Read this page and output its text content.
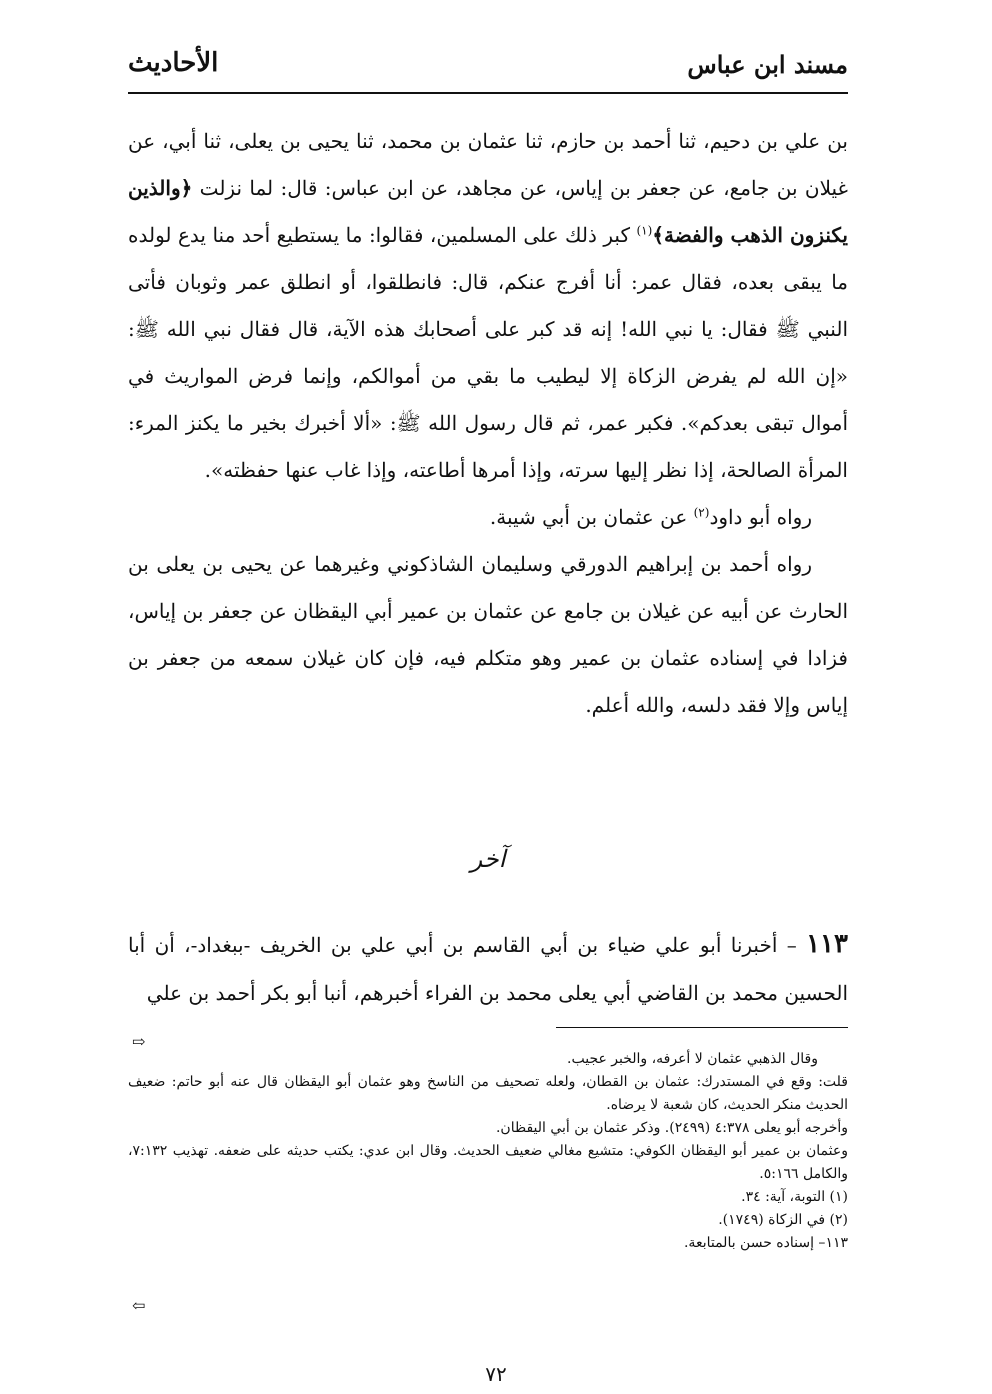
مسند ابن عباس
الأحاديث

بن علي بن دحيم، ثنا أحمد بن حازم، ثنا عثمان بن محمد، ثنا يحيى بن يعلى، ثنا أبي، عن غيلان بن جامع، عن جعفر بن إياس، عن مجاهد، عن ابن عباس: قال: لما نزلت ﴿والذين يكنزون الذهب والفضة﴾$^{(١)}$ كبر ذلك على المسلمين، فقالوا: ما يستطيع أحد منا يدع لولده ما يبقى بعده، فقال عمر: أنا أفرج عنكم، قال: فانطلقوا، أو انطلق عمر وثوبان فأتى النبي ﷺ فقال: يا نبي الله! إنه قد كبر على أصحابك هذه الآية، قال فقال نبي الله ﷺ: «إن الله لم يفرض الزكاة إلا ليطيب ما بقي من أموالكم، وإنما فرض المواريث في أموال تبقى بعدكم». فكبر عمر، ثم قال رسول الله ﷺ: «ألا أخبرك بخير ما يكنز المرء: المرأة الصالحة، إذا نظر إليها سرته، وإذا أمرها أطاعته، وإذا غاب عنها حفظته».

رواه أبو داود$^{(٢)}$ عن عثمان بن أبي شيبة.

رواه أحمد بن إبراهيم الدورقي وسليمان الشاذكوني وغيرهما عن يحيى بن يعلى بن الحارث عن أبيه عن غيلان بن جامع عن عثمان بن عمير أبي اليقظان عن جعفر بن إياس، فزادا في إسناده عثمان بن عمير وهو متكلم فيه، فإن كان غيلان سمعه من جعفر بن إياس وإلا فقد دلسه، والله أعلم.

آخر

١١٣ – أخبرنا أبو علي ضياء بن أبي القاسم بن أبي علي بن الخريف -ببغداد-، أن أبا الحسين محمد بن القاضي أبي يعلى محمد بن الفراء أخبرهم، أنبا أبو بكر أحمد بن علي

⇨
وقال الذهبي عثمان لا أعرفه، والخبر عجيب.
قلت: وقع في المستدرك: عثمان بن القطان، ولعله تصحيف من الناسخ وهو عثمان أبو اليقظان قال عنه أبو حاتم: ضعيف الحديث منكر الحديث، كان شعبة لا يرضاه.
وأخرجه أبو يعلى ٤:٣٧٨ (٢٤٩٩). وذكر عثمان بن أبي اليقظان.
وعثمان بن عمير أبو اليقظان الكوفي: متشيع مغالي ضعيف الحديث. وقال ابن عدي: يكتب حديثه على ضعفه. تهذيب ٧:١٣٢، والكامل ٥:١٦٦.
(١) التوبة، آية: ٣٤.
(٢) في الزكاة (١٧٤٩).
١١٣– إسناده حسن بالمتابعة.
⇦
٧٢
